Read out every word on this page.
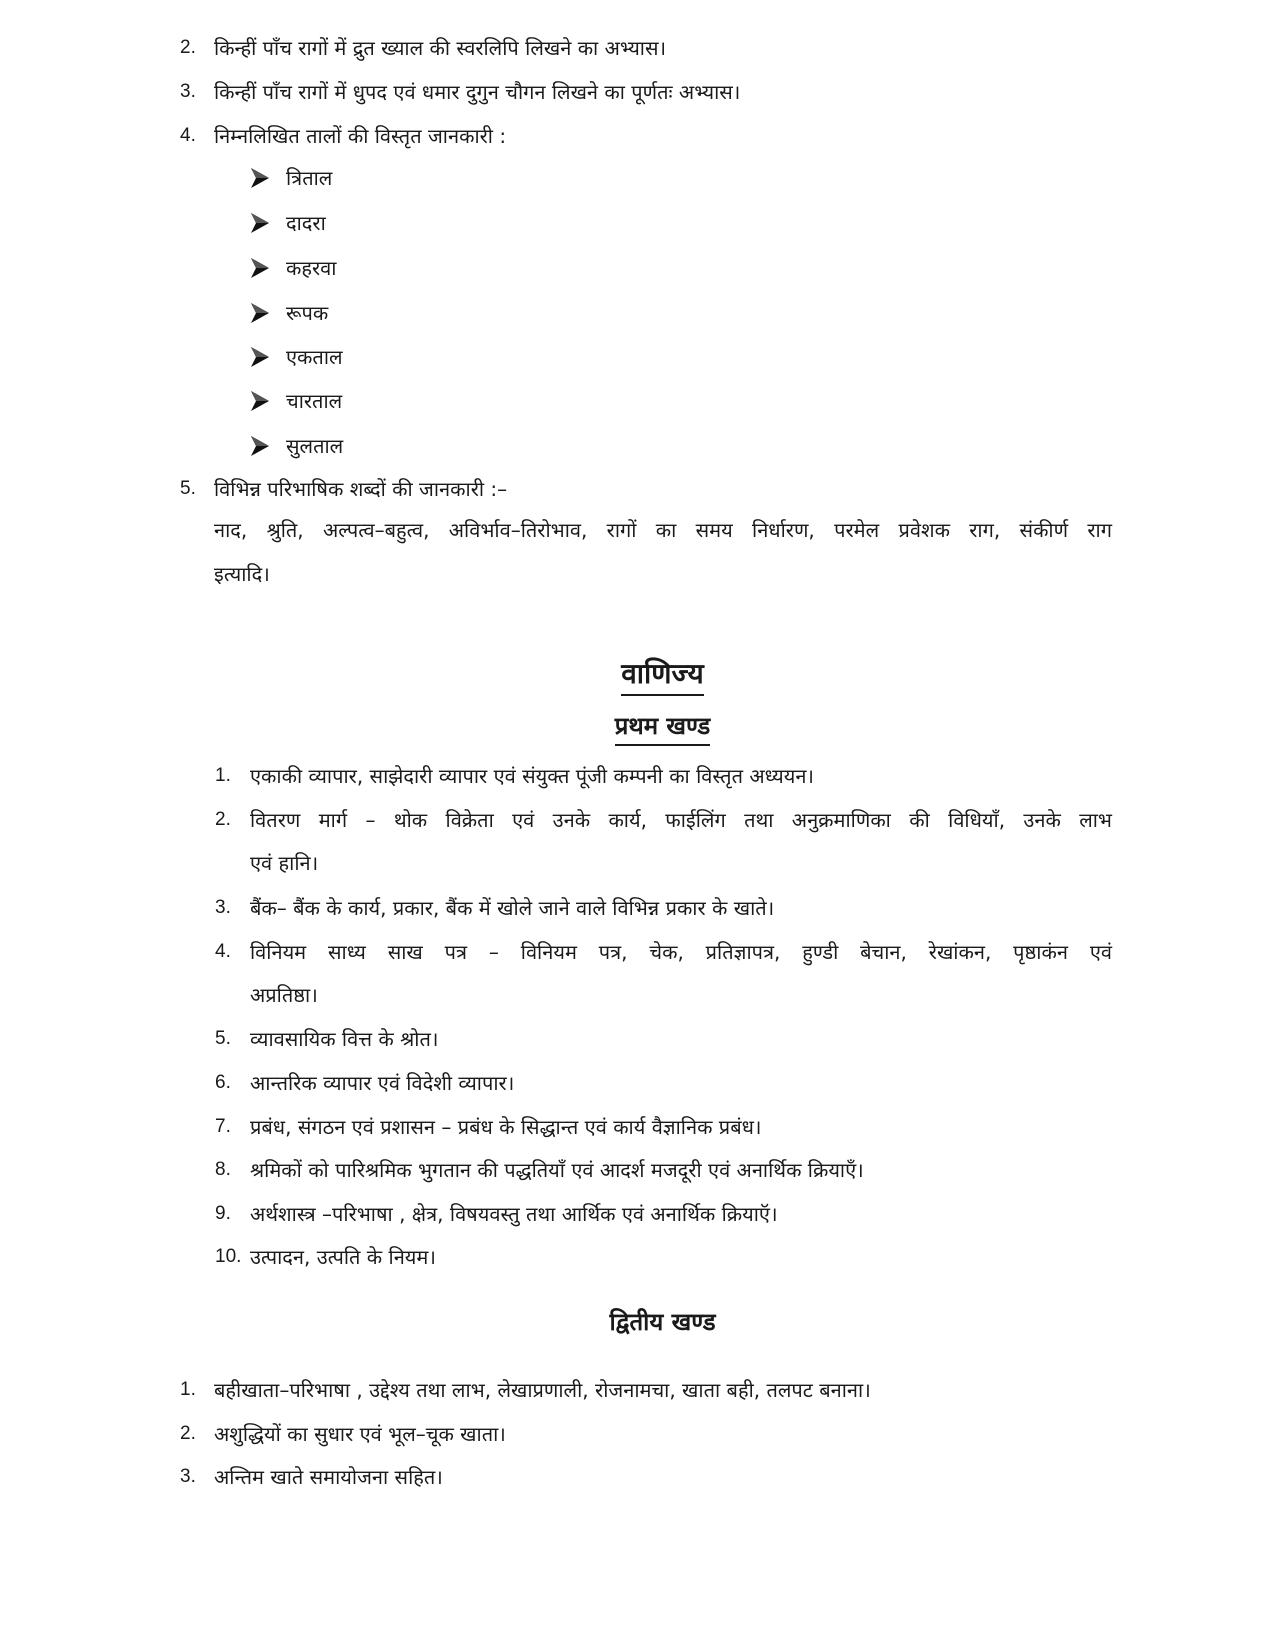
2. किन्हीं पाँच रागों में द्रुत ख्याल की स्वरलिपि लिखने का अभ्यास।
3. किन्हीं पाँच रागों में धुपद एवं धमार दुगुन चौगन लिखने का पूर्णतः अभ्यास।
4. निम्नलिखित तालों की विस्तृत जानकारी :
त्रिताल
दादरा
कहरवा
रूपक
एकताल
चारताल
सुलताल
5. विभिन्न परिभाषिक शब्दों की जानकारी :–
नाद, श्रुति, अल्पत्व–बहुत्व, अविर्भाव–तिरोभाव, रागों का समय निर्धारण, परमेल प्रवेशक राग, संकीर्ण राग
इत्यादि।
वाणिज्य
प्रथम खण्ड
1. एकाकी व्यापार, साझेदारी व्यापार एवं संयुक्त पूंजी कम्पनी का विस्तृत अध्ययन।
2. वितरण मार्ग – थोक विक्रेता एवं उनके कार्य, फाईलिंग तथा अनुक्रमाणिका की विधियाँ, उनके लाभ
एवं हानि।
3. बैंक– बैंक के कार्य, प्रकार, बैंक में खोले जाने वाले विभिन्न प्रकार के खाते।
4. विनियम साध्य साख पत्र – विनियम पत्र, चेक, प्रतिज्ञापत्र, हुण्डी बेचान, रेखांकन, पृष्ठाकंन एवं
अप्रतिष्ठा।
5. व्यावसायिक वित्त के श्रोत।
6. आन्तरिक व्यापार एवं विदेशी व्यापार।
7. प्रबंध, संगठन एवं प्रशासन – प्रबंध के सिद्धान्त एवं कार्य वैज्ञानिक प्रबंध।
8. श्रमिकों को पारिश्रमिक भुगतान की पद्धतियाँ एवं आदर्श मजदूरी एवं अनार्थिक क्रियाएँ।
9. अर्थशास्त्र –परिभाषा , क्षेत्र, विषयवस्तु तथा आर्थिक एवं अनार्थिक क्रियाऍ।
10. उत्पादन, उत्पति के नियम।
द्वितीय खण्ड
1. बहीखाता–परिभाषा , उद्देश्य तथा लाभ, लेखाप्रणाली, रोजनामचा, खाता बही, तलपट बनाना।
2. अशुद्धियों का सुधार एवं भूल–चूक खाता।
3. अन्तिम खाते समायोजना सहित।
